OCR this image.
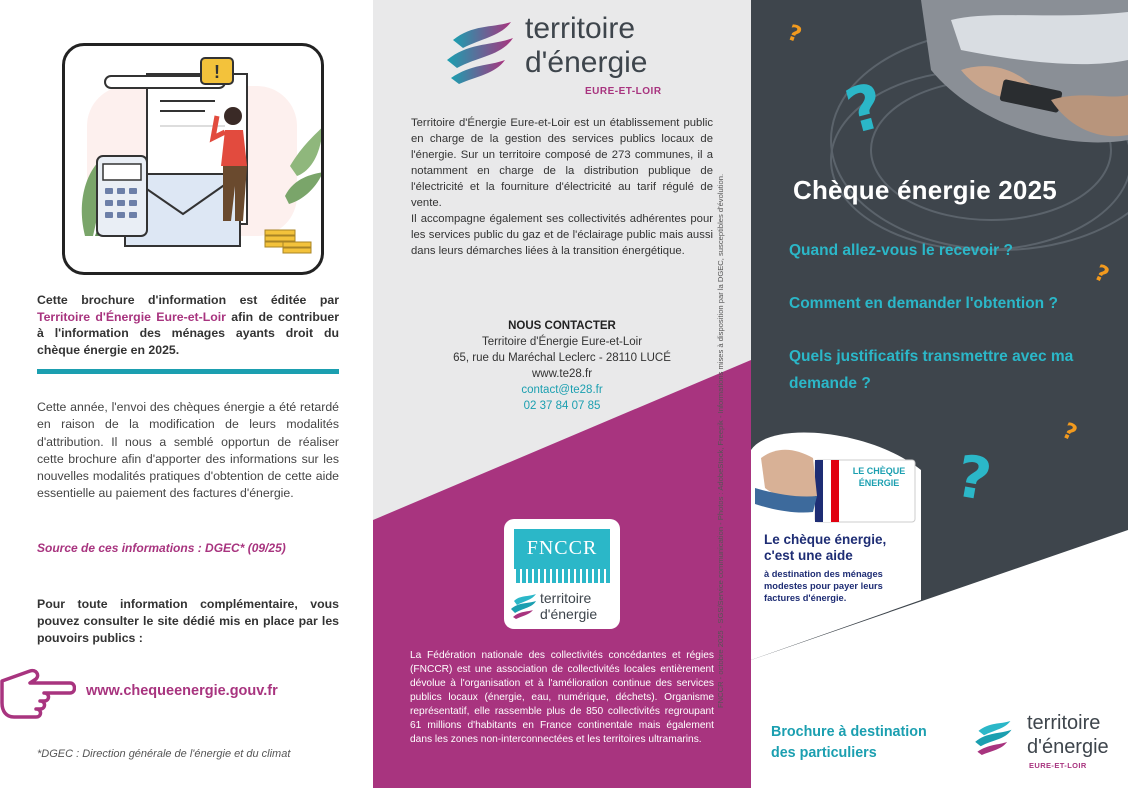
!

Cette brochure d'information est éditée par Territoire d'Énergie Eure-et-Loir afin de contribuer à l'information des ménages ayants droit du chèque énergie en 2025.

Cette année, l'envoi des chèques énergie a été retardé en raison de la modification de leurs modalités d'attribution. Il nous a semblé opportun de réaliser cette brochure afin d'apporter des informations sur les nouvelles modalités pratiques d'obtention de cette aide essentielle au paiement des factures d'énergie.

Source de ces informations : DGEC* (09/25)

Pour toute information complémentaire, vous pouvez consulter le site dédié mis en place par les pouvoirs publics :

www.chequeenergie.gouv.fr

*DGEC : Direction générale de l'énergie et du climat

territoire
d'énergie
EURE-ET-LOIR

Territoire d'Énergie Eure-et-Loir est un établissement public en charge de la gestion des services publics locaux de l'énergie. Sur un territoire composé de 273 communes, il a notamment en charge de la distribution publique de l'électricité et la fourniture d'électricité au tarif régulé de vente.

Il accompagne également ses collectivités adhérentes pour les services public du gaz et de l'éclairage public mais aussi dans leurs démarches liées à la transition énergétique.

NOUS CONTACTER
Territoire d'Énergie Eure-et-Loir
65, rue du Maréchal Leclerc - 28110 LUCÉ
www.te28.fr
contact@te28.fr
02 37 84 07 85
FNCCR
territoire
d'énergie

La Fédération nationale des collectivités concédantes et régies (FNCCR) est une association de collectivités locales entièrement dévolue à l'organisation et à l'amélioration continue des services publics locaux (énergie, eau, numérique, déchets). Organisme représentatif, elle rassemble plus de 850 collectivités regroupant 61 millions d'habitants en France continentale mais également dans les zones non-interconnectées et les territoires ultramarins.

FNCCR - octobre 2025 - SGS/Service communication - Photos : AdobeStock, Freepik - Informations mises à disposition par la DGEC, susceptibles d'évolution.
?
?
?
?
?
Chèque énergie 2025

Quand allez-vous le recevoir ?

Comment en demander l'obtention ?

Quels justificatifs transmettre avec ma demande ?

LE CHÈQUE
ÉNERGIE
Le chèque énergie,
c'est une aide

à destination des ménages modestes pour payer leurs factures d'énergie.

Brochure à destination
des particuliers
territoire
d'énergie
EURE-ET-LOIR
